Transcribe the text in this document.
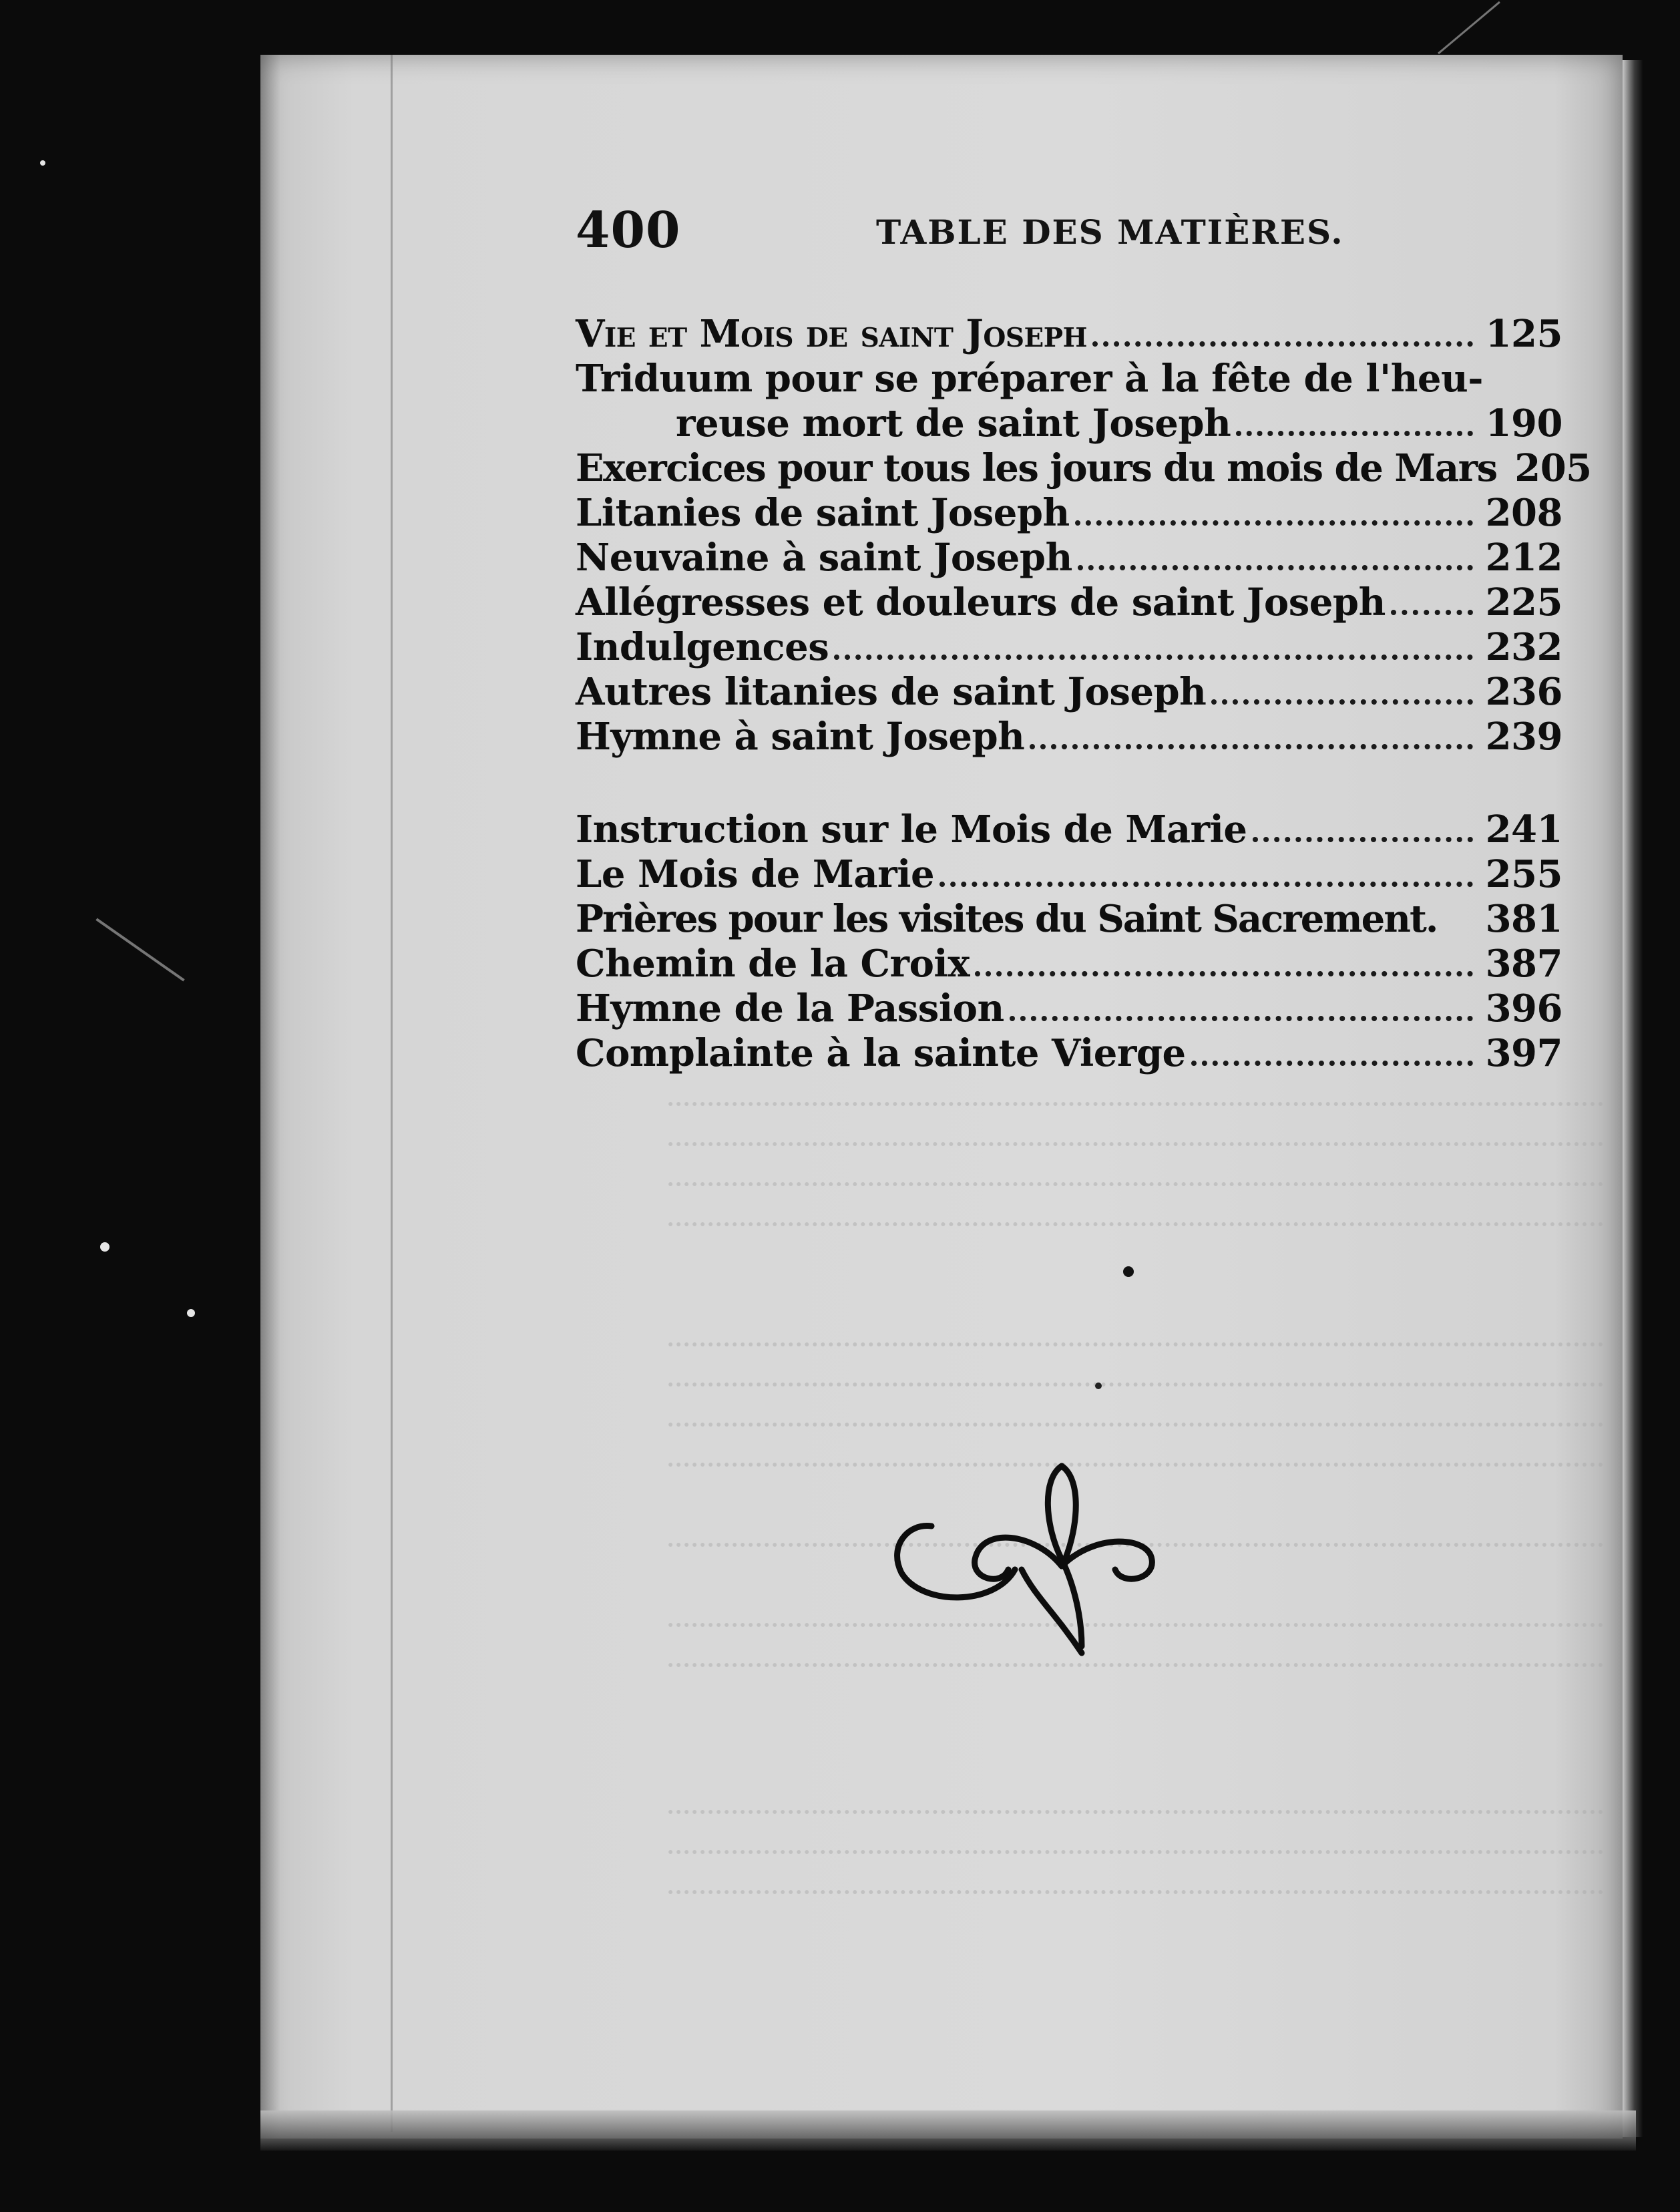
400	TABLE DES MATIÈRES.
Vie et Mois de saint Joseph	125
Triduum pour se préparer à la fête de l'heu-
reuse mort de saint Joseph	190
Exercices pour tous les jours du mois de Mars 205
Litanies de saint Joseph	208
Neuvaine à saint Joseph	212
Allégresses et douleurs de saint Joseph	225
Indulgences	232
Autres litanies de saint Joseph	236
Hymne à saint Joseph	239
Instruction sur le Mois de Marie	241
Le Mois de Marie	255
Prières pour les visites du Saint Sacrement. 381
Chemin de la Croix	387
Hymne de la Passion	396
Complainte à la sainte Vierge	397
